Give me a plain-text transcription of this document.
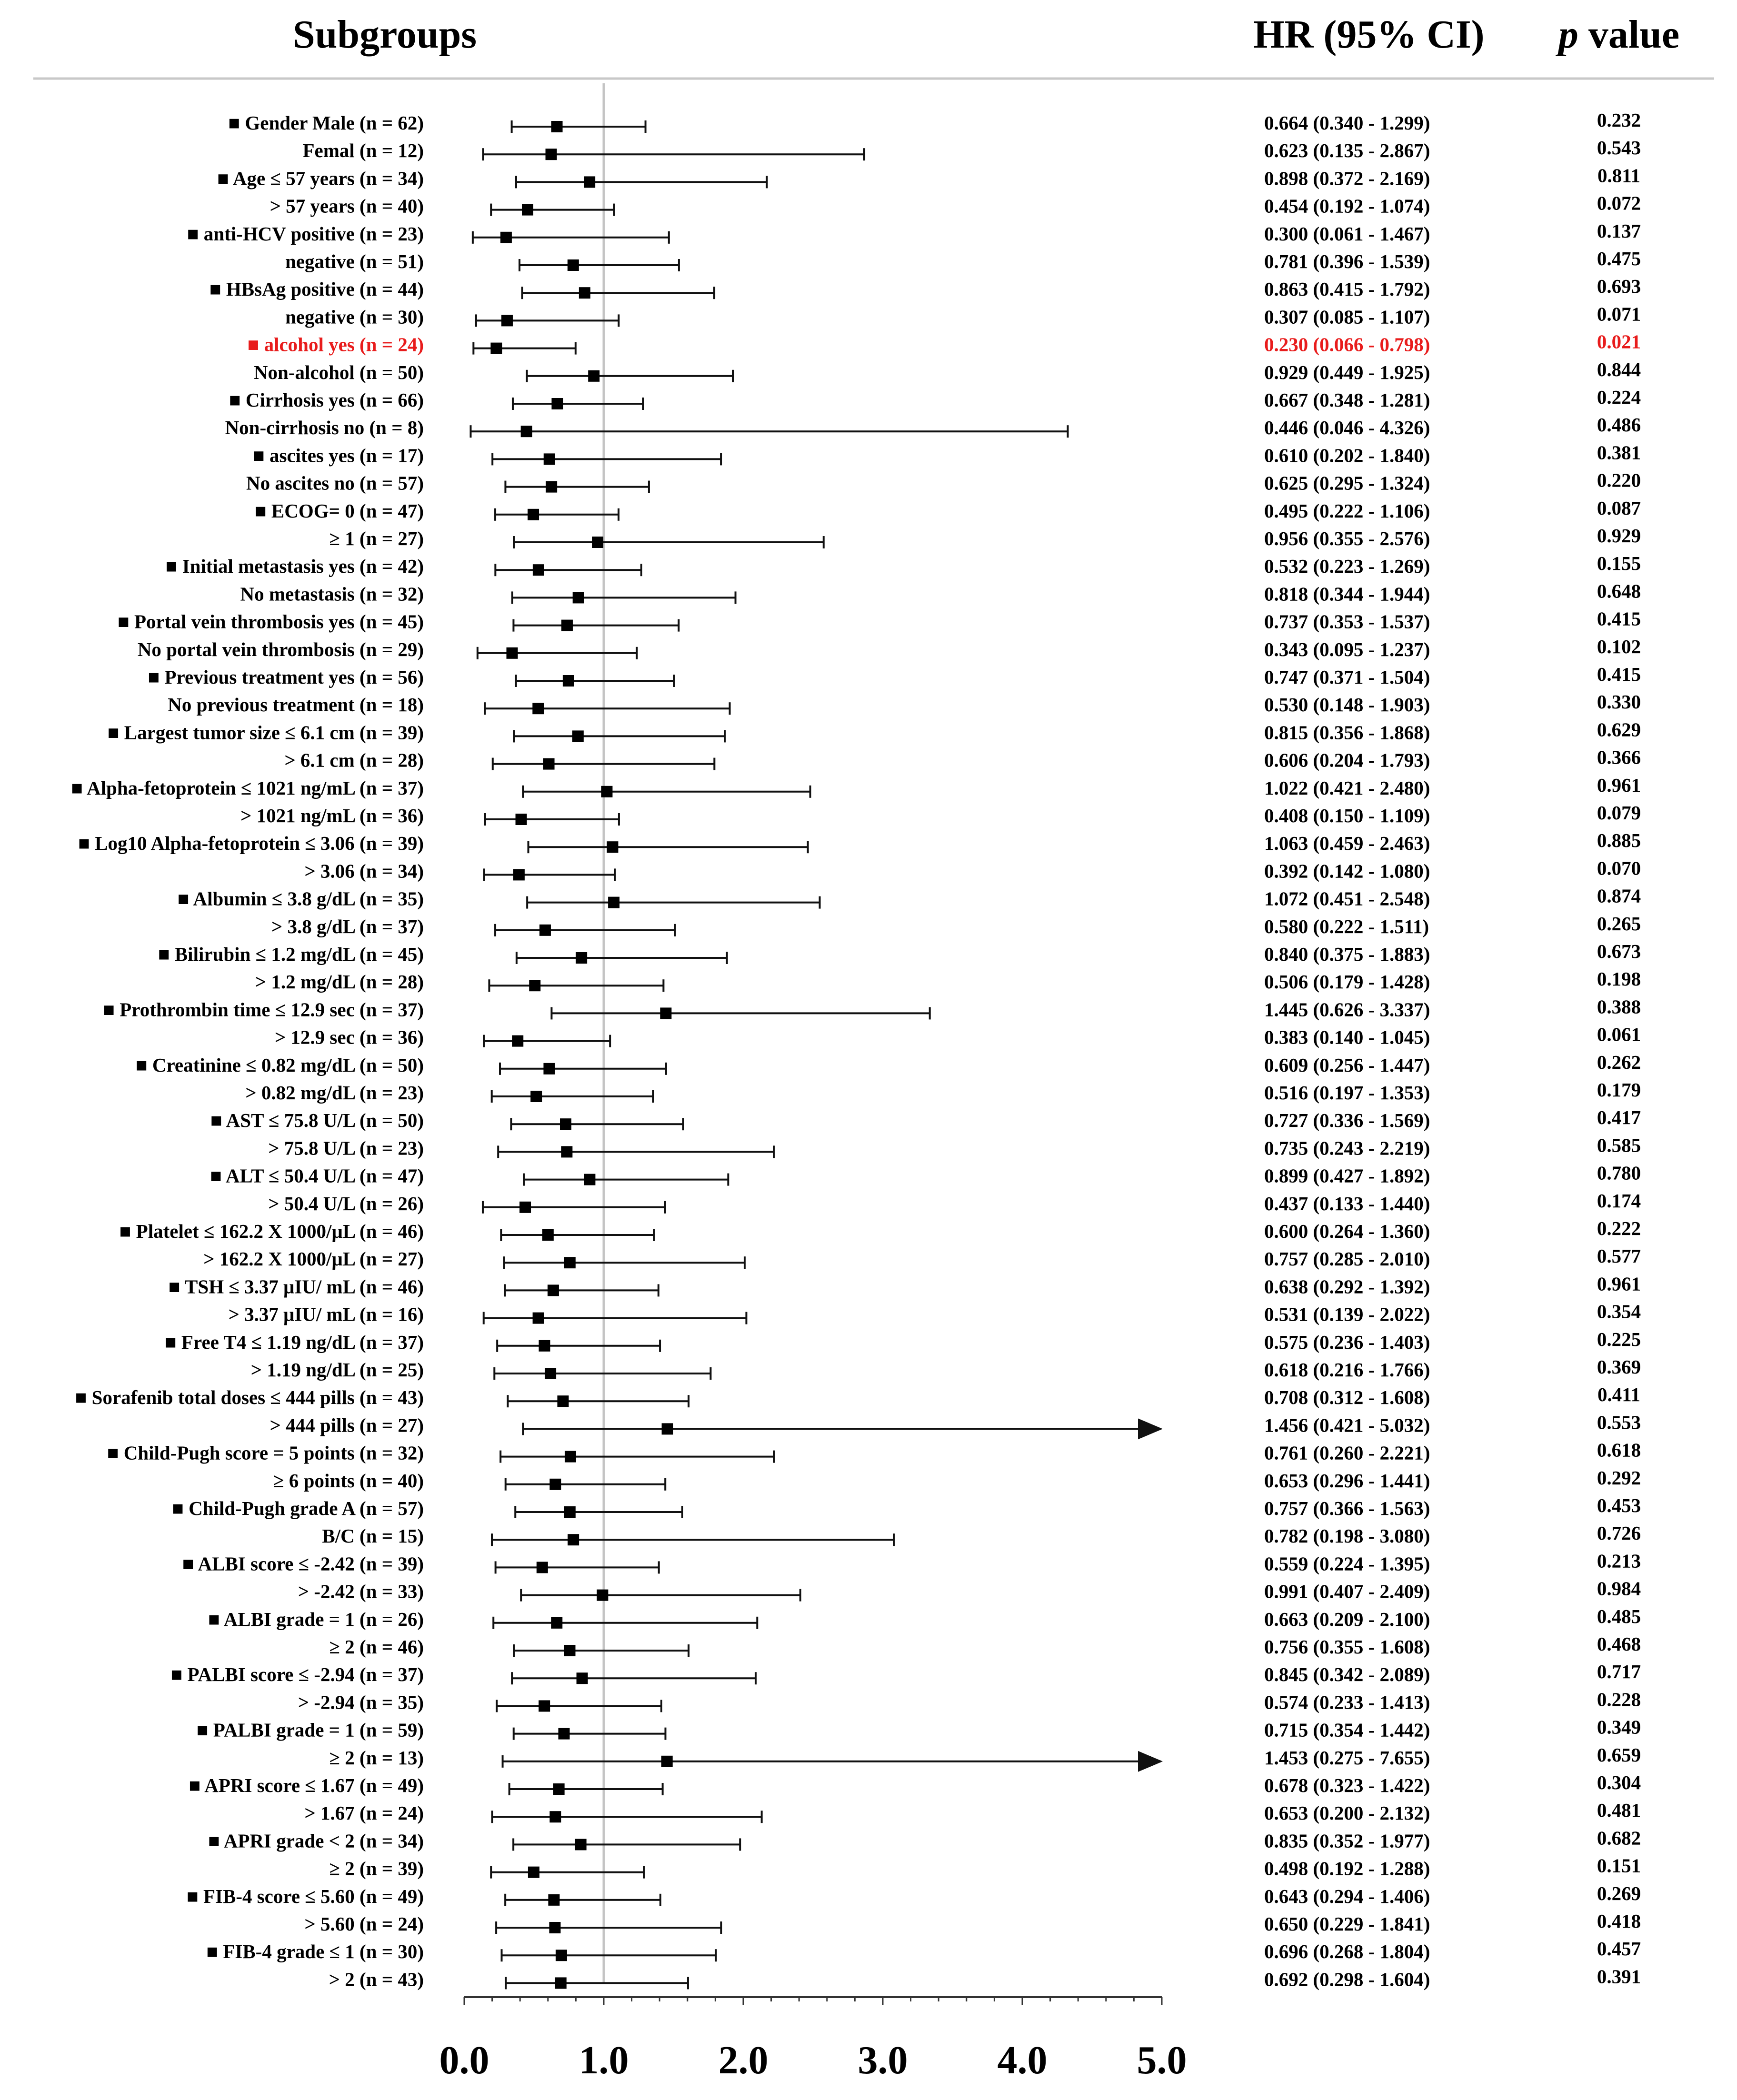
Subgroups	HR (95% CI) p value
■ Gender Male (n = 62)
Femal (n = 12)
■ Age ≤ 57 years (n = 34)
> 57 years (n = 40)
■ anti-HCV positive (n = 23)
negative (n = 51)
■ HBsAg positive (n = 44)
negative (n = 30)
■ alcohol yes (n = 24)
Non-alcohol (n = 50)
■ Cirrhosis yes (n = 66)
Non-cirrhosis no (n = 8)
■ ascites yes (n = 17)
No ascites no (n = 57)
■ ECOG= 0 (n = 47)
≥ 1 (n = 27)
■ Initial metastasis yes (n = 42)
No metastasis (n = 32)
■ Portal vein thrombosis yes (n = 45)
No portal vein thrombosis (n = 29)
■ Previous treatment yes (n = 56)
No previous treatment (n = 18)
■ Largest tumor size ≤ 6.1 cm (n = 39)
> 6.1 cm (n = 28)
■ Alpha-fetoprotein ≤ 1021 ng/mL (n = 37)
> 1021 ng/mL (n = 36)
■ Log10 Alpha-fetoprotein ≤ 3.06 (n = 39)
> 3.06 (n = 34)
■ Albumin ≤ 3.8 g/dL (n = 35)
> 3.8 g/dL (n = 37)
■ Bilirubin ≤ 1.2 mg/dL (n = 45)
> 1.2 mg/dL (n = 28)
■ Prothrombin time ≤ 12.9 sec (n = 37)
> 12.9 sec (n = 36)
■ Creatinine ≤ 0.82 mg/dL (n = 50)
> 0.82 mg/dL (n = 23)
■ AST ≤ 75.8 U/L (n = 50)
> 75.8 U/L (n = 23)
■ ALT ≤ 50.4 U/L (n = 47)
> 50.4 U/L (n = 26)
■ Platelet ≤ 162.2 X 1000/μL (n = 46)
> 162.2 X 1000/μL (n = 27)
■ TSH ≤ 3.37 μIU/ mL (n = 46)
> 3.37 μIU/ mL (n = 16)
■ Free T4 ≤ 1.19 ng/dL (n = 37)
> 1.19 ng/dL (n = 25)
■ Sorafenib total doses ≤ 444 pills (n = 43)
> 444 pills (n = 27)
■ Child-Pugh score = 5 points (n = 32)
≥ 6 points (n = 40)
■ Child-Pugh grade A (n = 57)
B/C (n = 15)
■ ALBI score ≤ -2.42 (n = 39)
> -2.42 (n = 33)
■ ALBI grade = 1 (n = 26)
≥ 2 (n = 46)
■ PALBI score ≤ -2.94 (n = 37)
> -2.94 (n = 35)
■ PALBI grade = 1 (n = 59)
≥ 2 (n = 13)
■ APRI score ≤ 1.67 (n = 49)
> 1.67 (n = 24)
■ APRI grade < 2 (n = 34)
≥ 2 (n = 39)
■ FIB-4 score ≤ 5.60 (n = 49)
> 5.60 (n = 24)
■ FIB-4 grade ≤ 1 (n = 30)
> 2 (n = 43)
0.664 (0.340 - 1.299)
0.623 (0.135 - 2.867)
0.898 (0.372 - 2.169)
0.454 (0.192 - 1.074)
0.300 (0.061 - 1.467)
0.781 (0.396 - 1.539)
0.863 (0.415 - 1.792)
0.307 (0.085 - 1.107)
0.230 (0.066 - 0.798)
0.929 (0.449 - 1.925)
0.667 (0.348 - 1.281)
0.446 (0.046 - 4.326)
0.610 (0.202 - 1.840)
0.625 (0.295 - 1.324)
0.495 (0.222 - 1.106)
0.956 (0.355 - 2.576)
0.532 (0.223 - 1.269)
0.818 (0.344 - 1.944)
0.737 (0.353 - 1.537)
0.343 (0.095 - 1.237)
0.747 (0.371 - 1.504)
0.530 (0.148 - 1.903)
0.815 (0.356 - 1.868)
0.606 (0.204 - 1.793)
1.022 (0.421 - 2.480)
0.408 (0.150 - 1.109)
1.063 (0.459 - 2.463)
0.392 (0.142 - 1.080)
1.072 (0.451 - 2.548)
0.580 (0.222 - 1.511)
0.840 (0.375 - 1.883)
0.506 (0.179 - 1.428)
1.445 (0.626 - 3.337)
0.383 (0.140 - 1.045)
0.609 (0.256 - 1.447)
0.516 (0.197 - 1.353)
0.727 (0.336 - 1.569)
0.735 (0.243 - 2.219)
0.899 (0.427 - 1.892)
0.437 (0.133 - 1.440)
0.600 (0.264 - 1.360)
0.757 (0.285 - 2.010)
0.638 (0.292 - 1.392)
0.531 (0.139 - 2.022)
0.575 (0.236 - 1.403)
0.618 (0.216 - 1.766)
0.708 (0.312 - 1.608)
1.456 (0.421 - 5.032)
0.761 (0.260 - 2.221)
0.653 (0.296 - 1.441)
0.757 (0.366 - 1.563)
0.782 (0.198 - 3.080)
0.559 (0.224 - 1.395)
0.991 (0.407 - 2.409)
0.663 (0.209 - 2.100)
0.756 (0.355 - 1.608)
0.845 (0.342 - 2.089)
0.574 (0.233 - 1.413)
0.715 (0.354 - 1.442)
1.453 (0.275 - 7.655)
0.678 (0.323 - 1.422)
0.653 (0.200 - 2.132)
0.835 (0.352 - 1.977)
0.498 (0.192 - 1.288)
0.643 (0.294 - 1.406)
0.650 (0.229 - 1.841)
0.696 (0.268 - 1.804)
0.692 (0.298 - 1.604)
0.232
0.543
0.811
0.072
0.137
0.475
0.693
0.071
0.021
0.844
0.224
0.486
0.381
0.220
0.087
0.929
0.155
0.648
0.415
0.102
0.415
0.330
0.629
0.366
0.961
0.079
0.885
0.070
0.874
0.265
0.673
0.198
0.388
0.061
0.262
0.179
0.417
0.585
0.780
0.174
0.222
0.577
0.961
0.354
0.225
0.369
0.411
0.553
0.618
0.292
0.453
0.726
0.213
0.984
0.485
0.468
0.717
0.228
0.349
0.659
0.304
0.481
0.682
0.151
0.269
0.418
0.457
0.391
0.0 1.0 2.0 3.0 4.0 5.0
